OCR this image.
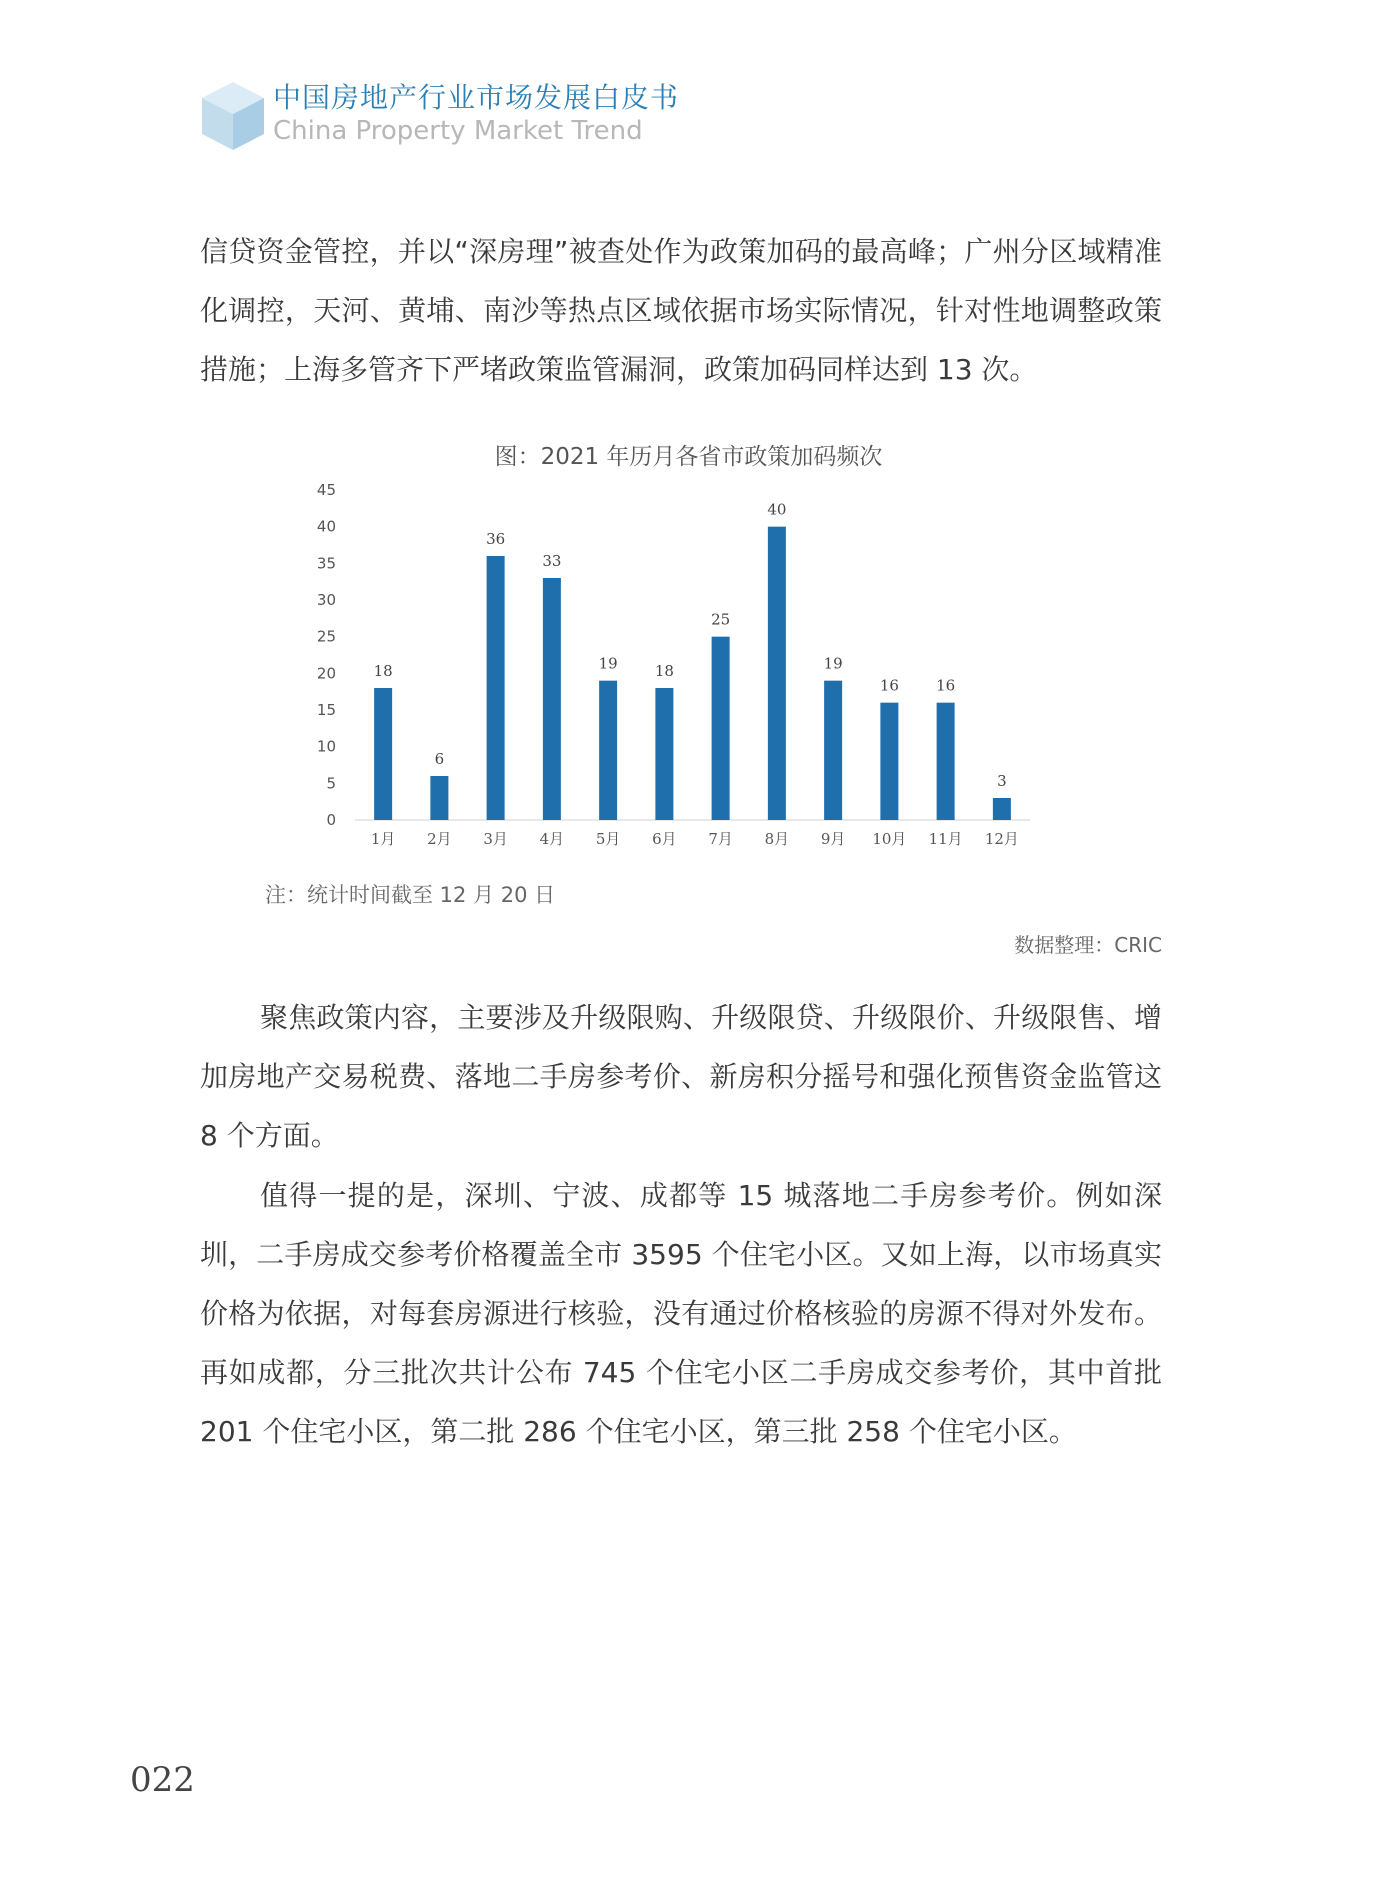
中国房地产行业市场发展白皮书
China Property Market Trend

信贷资金管控，并以“深房理”被查处作为政策加码的最高峰；广州分区域精准化调控，天河、黄埔、南沙等热点区域依据市场实际情况，针对性地调整政策措施；上海多管齐下严堵政策监管漏洞，政策加码同样达到 13 次。

图：2021 年历月各省市政策加码频次
0
5
10
15
20
25
30
35
40
45
18
1月
6
2月
36
3月
33
4月
19
5月
18
6月
25
7月
40
8月
19
9月
16
10月
16
11月
3
12月
注：统计时间截至 12 月 20 日
数据整理：CRIC

聚焦政策内容，主要涉及升级限购、升级限贷、升级限价、升级限售、增加房地产交易税费、落地二手房参考价、新房积分摇号和强化预售资金监管这 8 个方面。

值得一提的是，深圳、宁波、成都等 15 城落地二手房参考价。例如深圳，二手房成交参考价格覆盖全市 3595 个住宅小区。又如上海，以市场真实价格为依据，对每套房源进行核验，没有通过价格核验的房源不得对外发布。再如成都，分三批次共计公布 745 个住宅小区二手房成交参考价，其中首批 201 个住宅小区，第二批 286 个住宅小区，第三批 258 个住宅小区。

022
